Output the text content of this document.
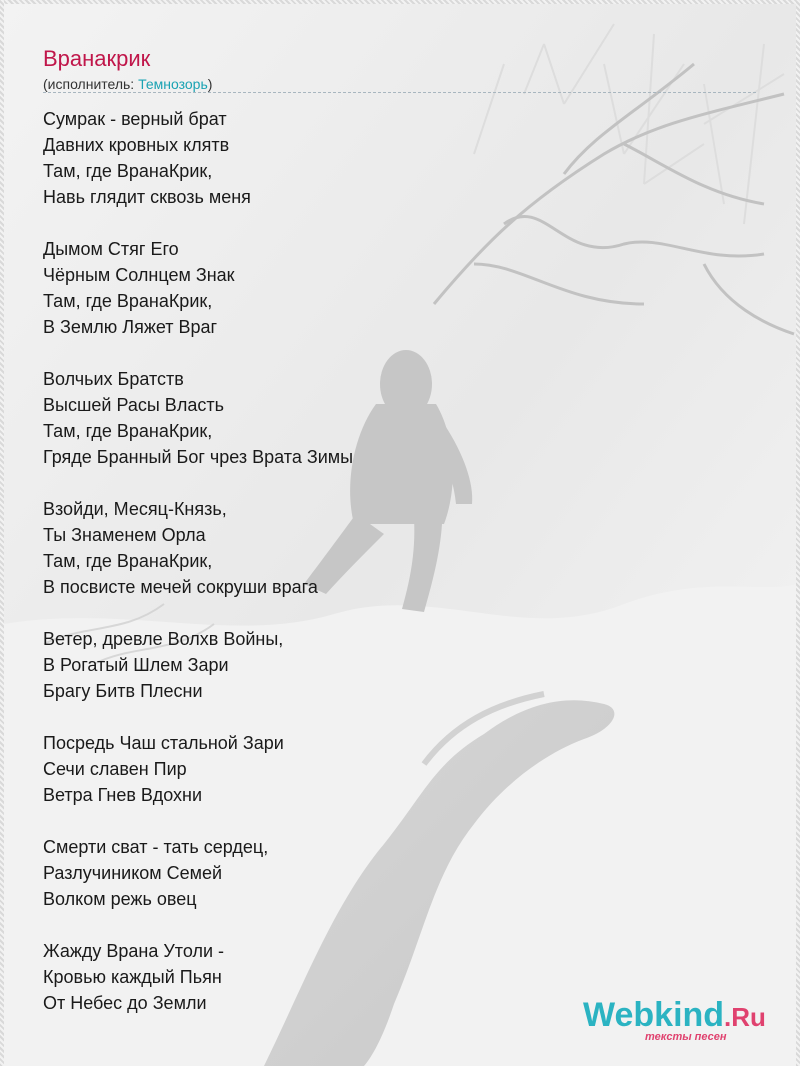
Вранакрик
(исполнитель: Темнозорь)
Сумрак - верный брат
Давних кровных клятв
Там, где ВранаКрик,
Навь глядит сквозь меня
Дымом Стяг Его
Чёрным Солнцем Знак
Там, где ВранаКрик,
В Землю Ляжет Враг
Волчьих Братств
Высшей Расы Власть
Там, где ВранаКрик,
Гряде Бранный Бог чрез Врата Зимы
Взойди, Месяц-Князь,
Ты Знаменем Орла
Там, где ВранаКрик,
В посвисте мечей сокруши врага
Ветер, древле Волхв Войны,
В Рогатый Шлем Зари
Брагу Битв Плесни
Посредь Чаш стальной Зари
Сечи славен Пир
Ветра Гнев Вдохни
Смерти сват - тать сердец,
Разлучиником Семей
Волком режь овец
Жажду Врана Утоли -
Кровью каждый Пьян
От Небес до Земли	Webkind.Ru
тексты песен
